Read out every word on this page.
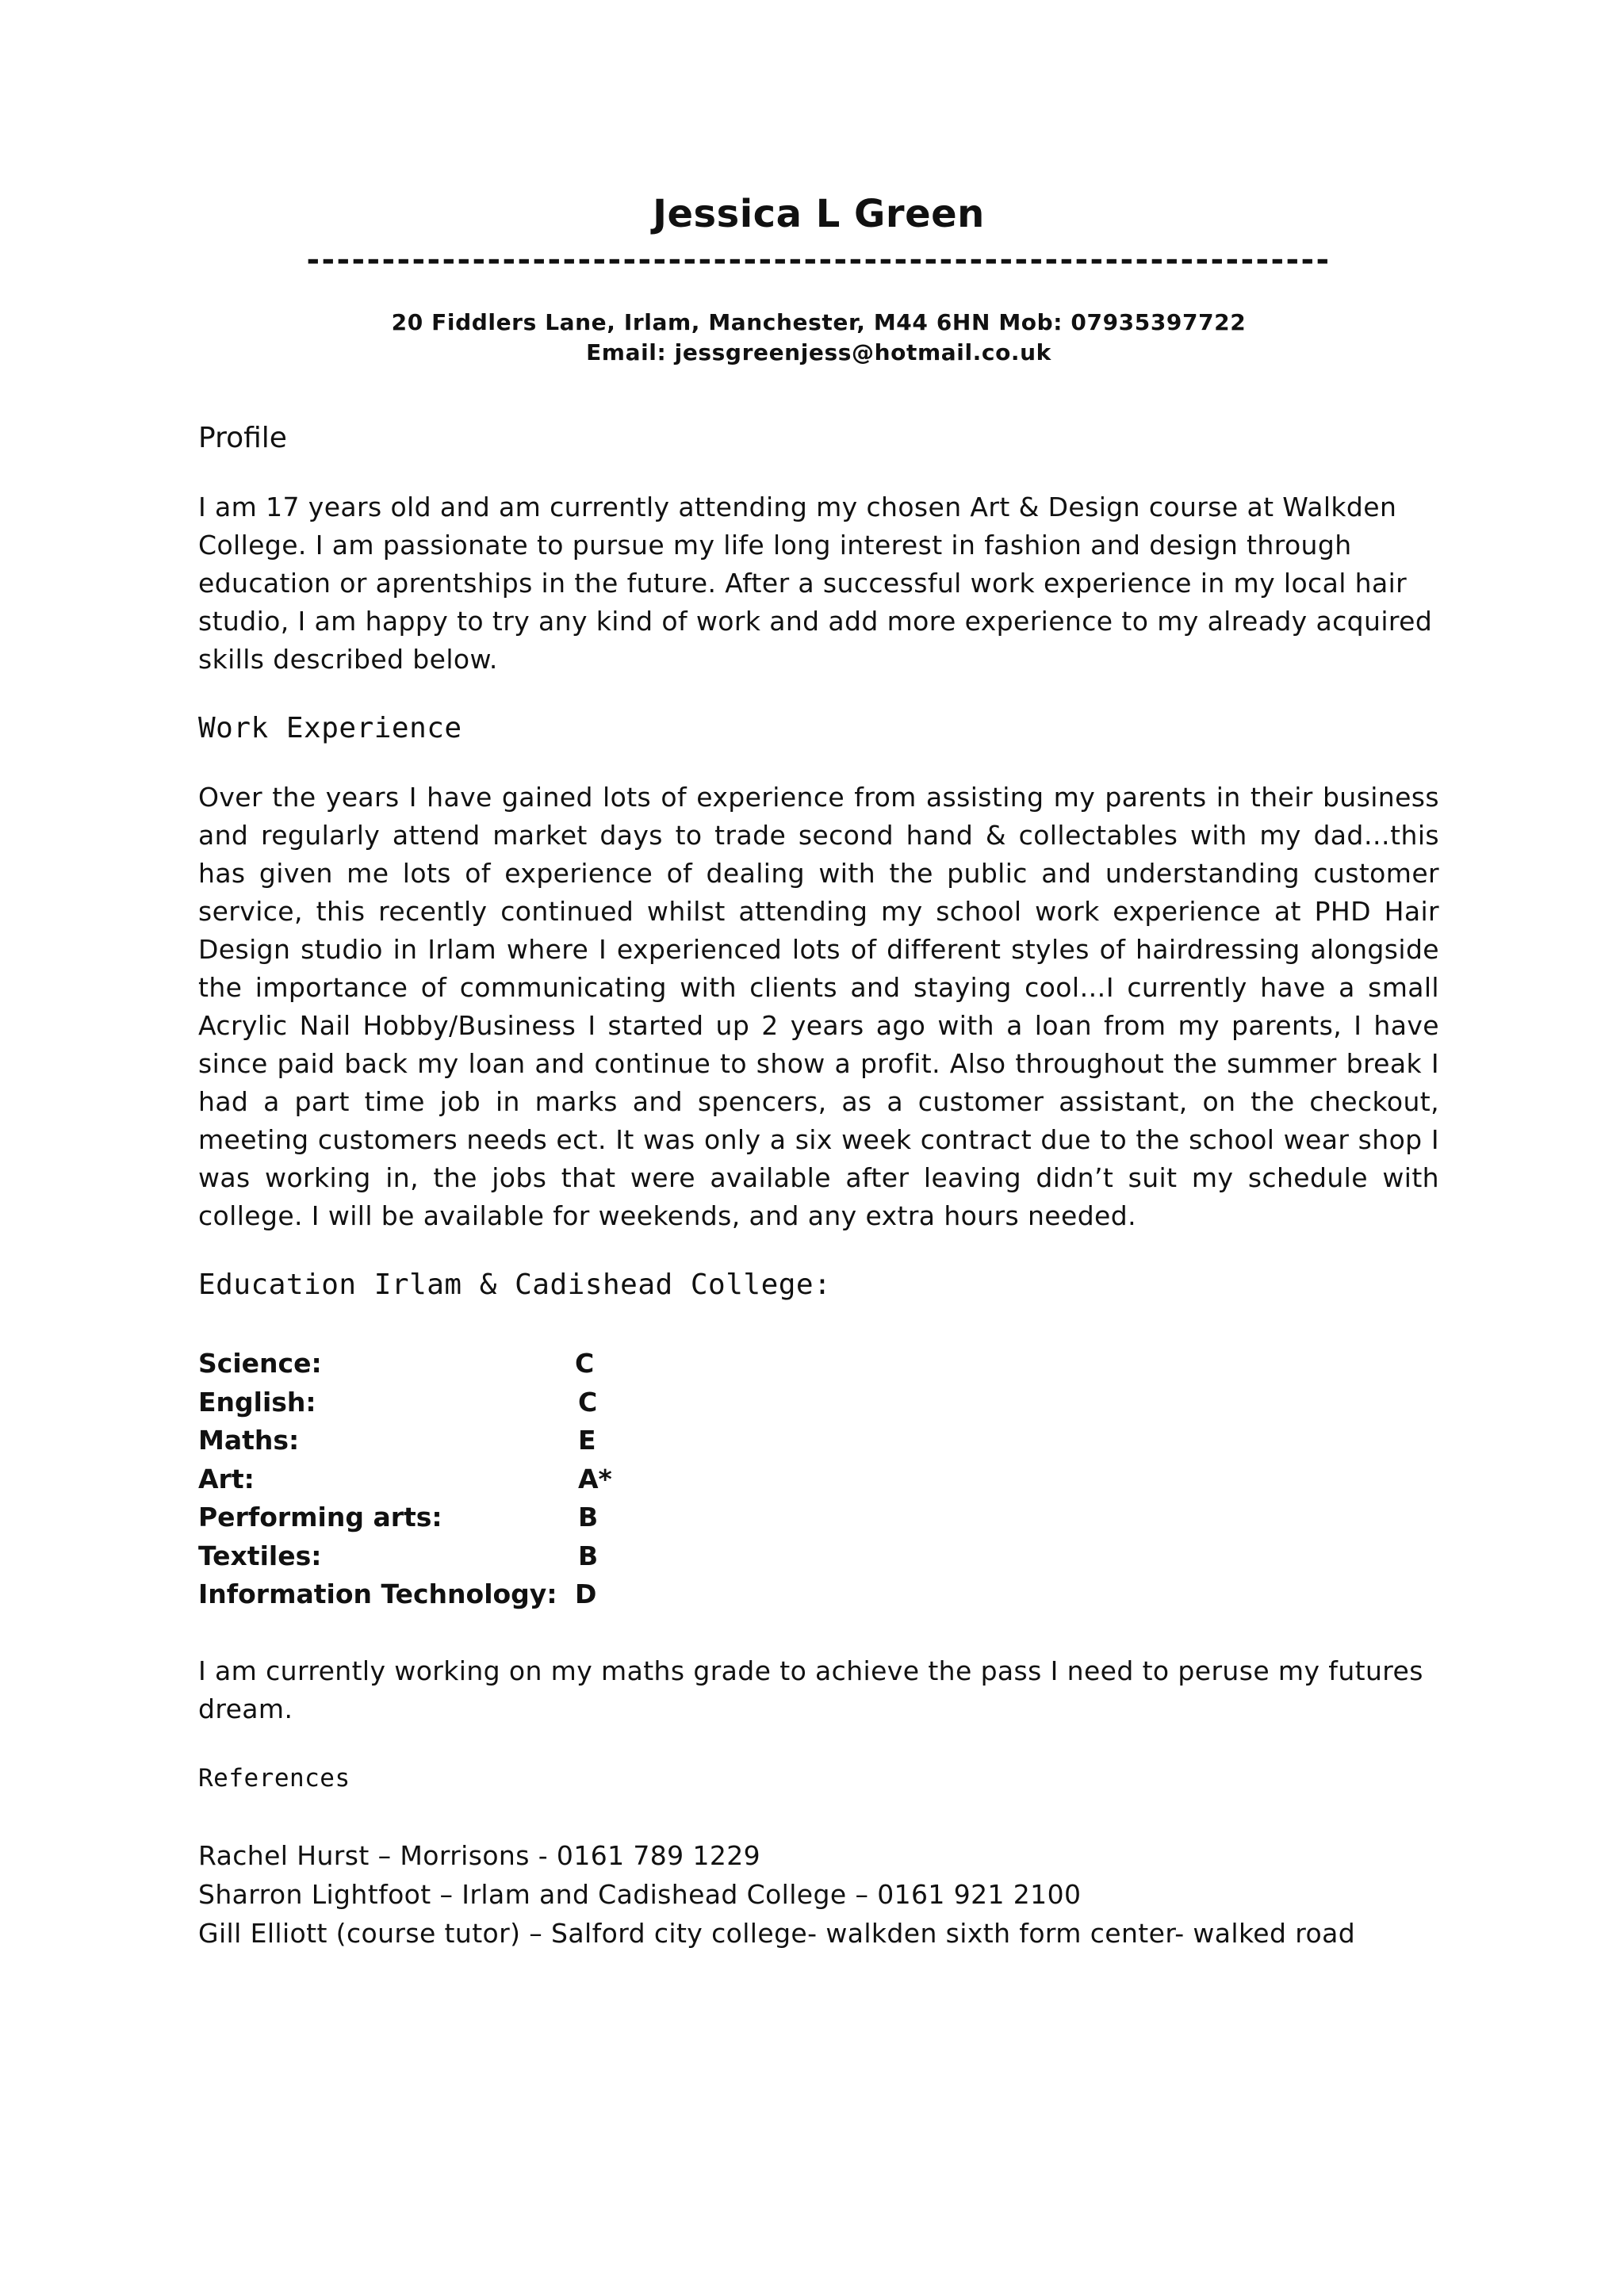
Jessica L Green
--------------------------------------------------------------------
20 Fiddlers Lane, Irlam, Manchester, M44 6HN Mob: 07935397722
Email: jessgreenjess@hotmail.co.uk
Profile

I am 17 years old and am currently attending my chosen Art & Design course at Walkden College. I am passionate to pursue my life long interest in fashion and design through education or aprentships in the future. After a successful work experience in my local hair studio, I am happy to try any kind of work and add more experience to my already acquired skills described below.

Work Experience

Over the years I have gained lots of experience from assisting my parents in their business and regularly attend market days to trade second hand & collectables with my dad…this has given me lots of experience of dealing with the public and understanding customer service, this recently continued whilst attending my school work experience at PHD Hair Design studio in Irlam where I experienced lots of different styles of hairdressing alongside the importance of communicating with clients and staying cool…I currently have a small Acrylic Nail Hobby/Business I started up 2 years ago with a loan from my parents, I have since paid back my loan and continue to show a profit. Also throughout the summer break I had a part time job in marks and spencers, as a customer assistant, on the checkout, meeting customers needs ect. It was only a six week contract due to the school wear shop I was working in, the jobs that were available after leaving didn’t suit my schedule with college. I will be available for weekends, and any extra hours needed.

Education Irlam & Cadishead College:
Science:	C
English:	C
Maths:	E
Art:	A*
Performing arts:	B
Textiles:	B
Information Technology: D

I am currently working on my maths grade to achieve the pass I need to peruse my futures dream.

References
Rachel Hurst – Morrisons - 0161 789 1229
Sharron Lightfoot – Irlam and Cadishead College – 0161 921 2100
Gill Elliott (course tutor) – Salford city college- walkden sixth form center- walked road
